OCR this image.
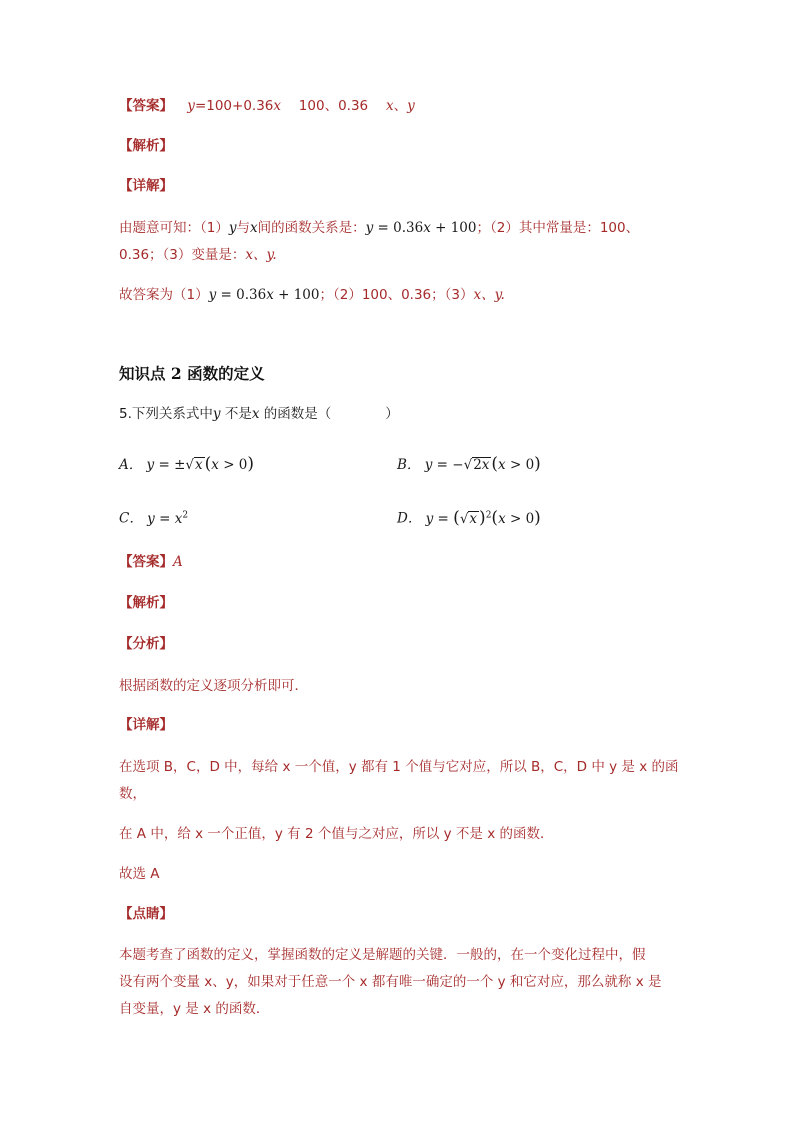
【答案】 y=100+0.36x　 100、0.36　 x、y
【解析】
【详解】
由题意可知：（1）y与x间的函数关系是：y = 0.36x + 100；（2）其中常量是：100、
0.36；（3）变量是：x、y.
故答案为（1）y = 0.36x + 100；（2）100、0.36；（3）x、y.
知识点 2 函数的定义
5.下列关系式中y 不是x 的函数是（　　　　）
A． y = ±√x (x > 0)	B． y = −√2x (x > 0)
C． $y = x^2$	D． y = (√x )$^2$(x > 0)
【答案】A
【解析】
【分析】
根据函数的定义逐项分析即可．
【详解】
在选项 B，C，D 中，每给 x 一个值，y 都有 1 个值与它对应，所以 B，C，D 中 y 是 x 的函
数，
在 A 中，给 x 一个正值，y 有 2 个值与之对应，所以 y 不是 x 的函数．
故选 A
【点睛】
本题考查了函数的定义，掌握函数的定义是解题的关键．一般的，在一个变化过程中，假
设有两个变量 x、y，如果对于任意一个 x 都有唯一确定的一个 y 和它对应，那么就称 x 是
自变量，y 是 x 的函数．
